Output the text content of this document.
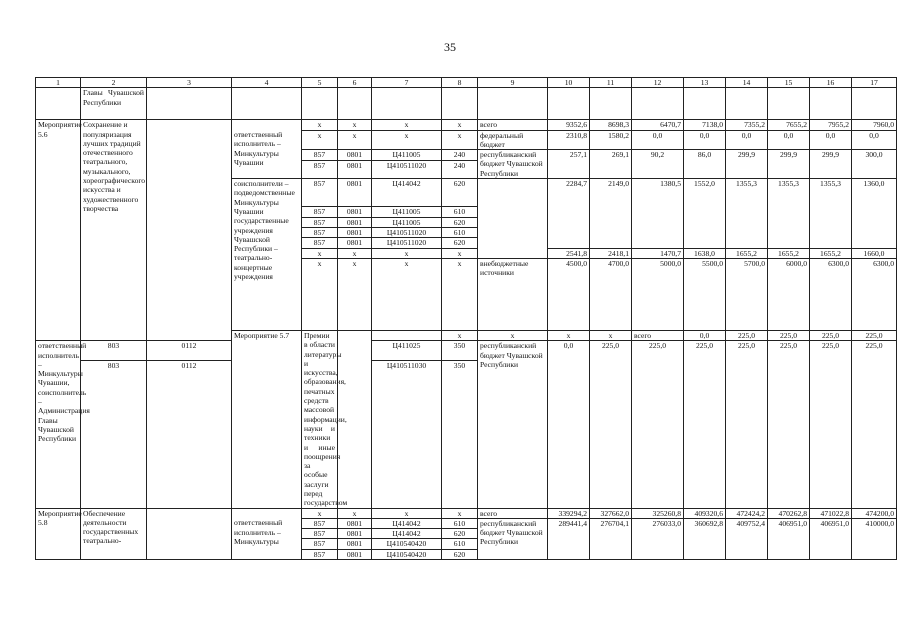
35
1	2	3	4	5	6	7	8	9	10	11	12	13	14	15	16	17	
	Главы Чувашской Республики																
Мероприятие 5.6	Сохранение и популяризация лучших традиций отечественного театрального, музыкального, хореографического искусства и художественного творчества			x	x	x	x	всего	9352,6	8698,3	6470,7	7138,0	7355,2	7655,2	7955,2	7960,0	
			ответственный исполнитель – Минкультуры Чувашии	x	x	x	x	федеральный бюджет	2310,8	1580,2	0,0	0,0	0,0	0,0	0,0	0,0	
				857	0801	Ц411005	240	республиканский бюджет Чувашской Республики	257,1	269,1	90,2	86,0	299,9	299,9	299,9	300,0	
				857	0801	Ц410511020	240										
			соисполнители – подведомственные Минкультуры Чувашии государственные учреждения Чувашской Республики – театрально-концертные учреждения	857	0801	Ц414042	620		2284,7	2149,0	1380,5	1552,0	1355,3	1355,3	1355,3	1360,0	
				857	0801	Ц411005	610										
				857	0801	Ц411005	620										
				857	0801	Ц410511020	610										
				857	0801	Ц410511020	620										
				x	x	x	x		2541,8	2418,1	1470,7	1638,0	1655,2	1655,2	1655,2	1660,0	
				x	x	x	x	внебюджетные источники	4500,0	4700,0	5000,0	5500,0	5700,0	6000,0	6300,0	6300,0	
			Мероприятие 5.7	Премии в области литературы и искусства, образования, печатных средств массовой информации, науки и техники и иные поощрения за особые заслуги перед государством			x	x	x	x	всего	0,0	225,0	225,0	225,0	225,0			
ответственный исполнитель – Минкультуры Чувашии, соисполнитель – Администрация Главы Чувашской Республики	803	0112				Ц411025	350	республиканский бюджет Чувашской Республики	0,0	225,0	225,0	225,0	225,0	225,0	225,0	225,0	
	803	0112				Ц410511030	350										
Мероприятие 5.8	Обеспечение деятельности государственных театрально-			x	x	x	x	всего	339294,2	327662,0	325260,8	409320,6	472424,2	470262,8	471022,8	474200,0	
			ответственный исполнитель – Минкультуры	857	0801	Ц414042	610	республиканский бюджет Чувашской Республики	289441,4	276704,1	276033,0	360692,8	409752,4	406951,0	406951,0	410000,0	
				857	0801	Ц414042	620										
				857	0801	Ц410540420	610										
				857	0801	Ц410540420	620										
